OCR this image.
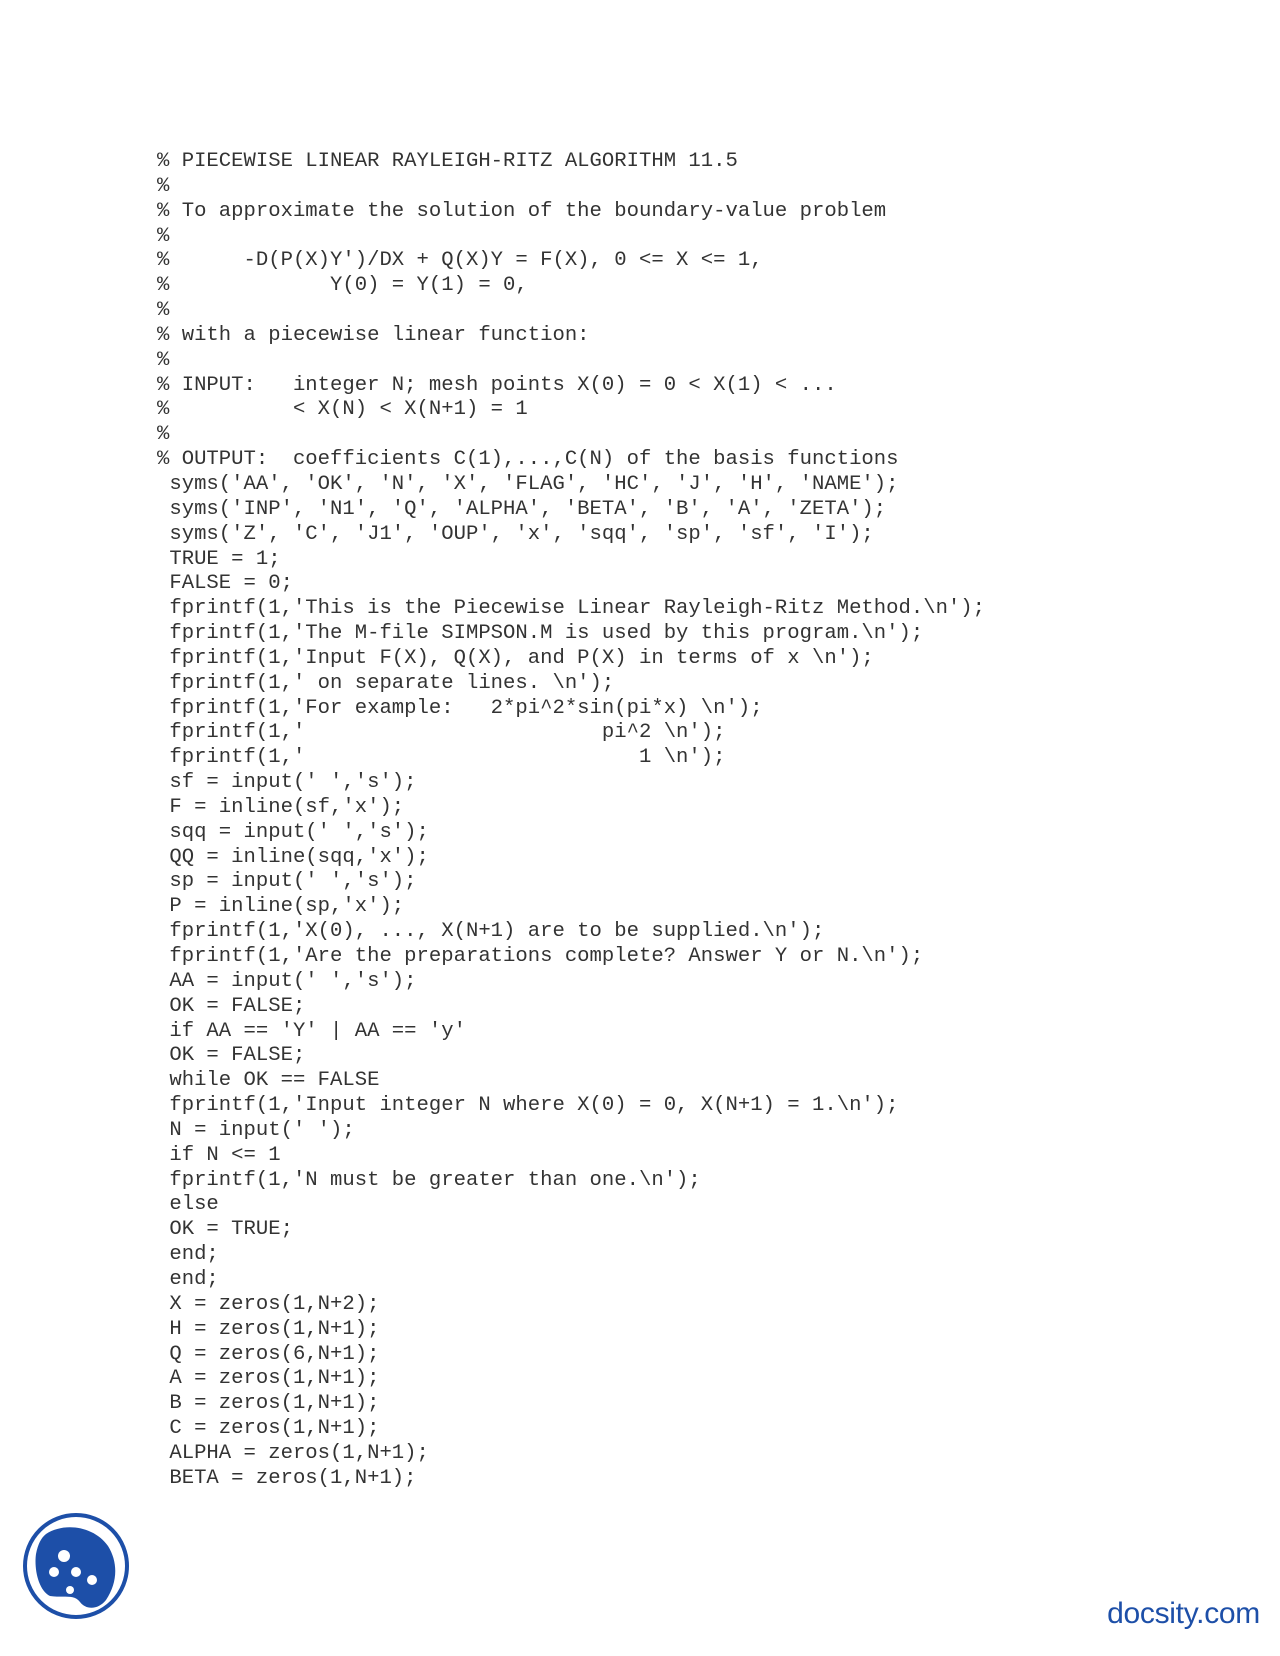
% PIECEWISE LINEAR RAYLEIGH-RITZ ALGORITHM 11.5
%
% To approximate the solution of the boundary-value problem
%
%      -D(P(X)Y')/DX + Q(X)Y = F(X), 0 <= X <= 1,
%             Y(0) = Y(1) = 0,
%
% with a piecewise linear function:
%
% INPUT:   integer N; mesh points X(0) = 0 < X(1) < ...
%          < X(N) < X(N+1) = 1
%
% OUTPUT:  coefficients C(1),...,C(N) of the basis functions
syms('AA', 'OK', 'N', 'X', 'FLAG', 'HC', 'J', 'H', 'NAME');
syms('INP', 'N1', 'Q', 'ALPHA', 'BETA', 'B', 'A', 'ZETA');
syms('Z', 'C', 'J1', 'OUP', 'x', 'sqq', 'sp', 'sf', 'I');
TRUE = 1;
FALSE = 0;
fprintf(1,'This is the Piecewise Linear Rayleigh-Ritz Method.\n');
fprintf(1,'The M-file SIMPSON.M is used by this program.\n');
fprintf(1,'Input F(X), Q(X), and P(X) in terms of x \n');
fprintf(1,' on separate lines. \n');
fprintf(1,'For example:   2*pi^2*sin(pi*x) \n');
fprintf(1,'                        pi^2 \n');
fprintf(1,'                           1 \n');
sf = input(' ','s');
F = inline(sf,'x');
sqq = input(' ','s');
QQ = inline(sqq,'x');
sp = input(' ','s');
P = inline(sp,'x');
fprintf(1,'X(0), ..., X(N+1) are to be supplied.\n');
fprintf(1,'Are the preparations complete? Answer Y or N.\n');
AA = input(' ','s');
OK = FALSE;
if AA == 'Y' | AA == 'y'
OK = FALSE;
while OK == FALSE
fprintf(1,'Input integer N where X(0) = 0, X(N+1) = 1.\n');
N = input(' ');
if N <= 1
fprintf(1,'N must be greater than one.\n');
else
OK = TRUE;
end;
end;
X = zeros(1,N+2);
H = zeros(1,N+1);
Q = zeros(6,N+1);
A = zeros(1,N+1);
B = zeros(1,N+1);
C = zeros(1,N+1);
ALPHA = zeros(1,N+1);
BETA = zeros(1,N+1);
docsity.com
